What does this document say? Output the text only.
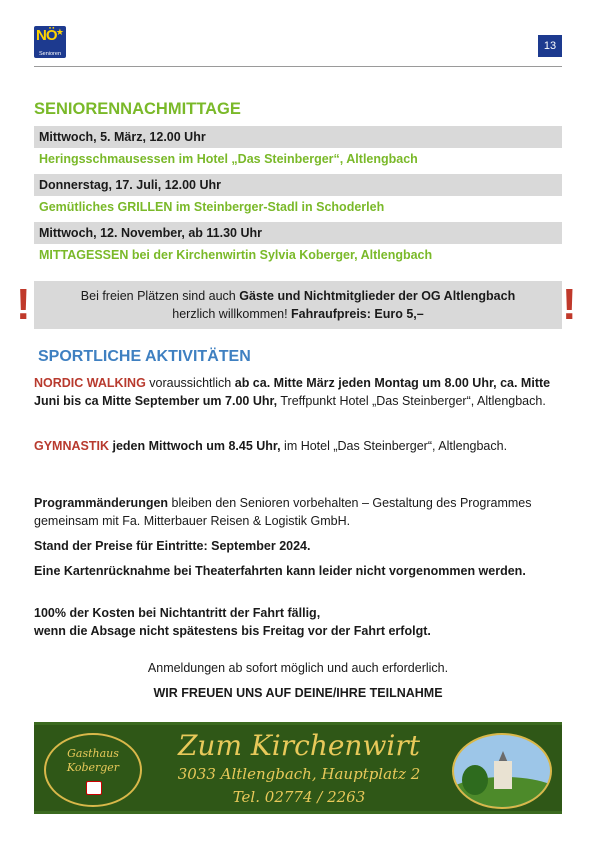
NÖ ★
Senioren
13
SENIORENNACHMITTAGE
Mittwoch, 5. März, 12.00 Uhr
Heringsschmausessen im Hotel „Das Steinberger“, Altlengbach
Donnerstag, 17. Juli, 12.00 Uhr
Gemütliches GRILLEN im Steinberger-Stadl in Schoderleh
Mittwoch, 12. November, ab 11.30 Uhr
MITTAGESSEN bei der Kirchenwirtin Sylvia Koberger, Altlengbach
!	Bei freien Plätzen sind auch Gäste und Nichtmitglieder der OG Altlengbach
herzlich willkommen! Fahraufpreis: Euro 5,–	!
SPORTLICHE AKTIVITÄTEN
NORDIC WALKING voraussichtlich ab ca. Mitte März jeden Montag um 8.00 Uhr, ca. Mitte Juni bis ca Mitte September um 7.00 Uhr, Treffpunkt Hotel „Das Steinberger“, Altlengbach.
GYMNASTIK jeden Mittwoch um 8.45 Uhr, im Hotel „Das Steinberger“, Altlengbach.
Programmänderungen bleiben den Senioren vorbehalten – Gestaltung des Programmes gemeinsam mit Fa. Mitterbauer Reisen & Logistik GmbH.
Stand der Preise für Eintritte: September 2024.
Eine Kartenrücknahme bei Theaterfahrten kann leider nicht vorgenommen werden.
100% der Kosten bei Nichtantritt der Fahrt fällig,
wenn die Absage nicht spätestens bis Freitag vor der Fahrt erfolgt.
Anmeldungen ab sofort möglich und auch erforderlich.
WIR FREUEN UNS AUF DEINE/IHRE TEILNAHME
Gasthaus
Koberger
Zum Kirchenwirt
3033 Altlengbach, Hauptplatz 2
Tel. 02774 / 2263
